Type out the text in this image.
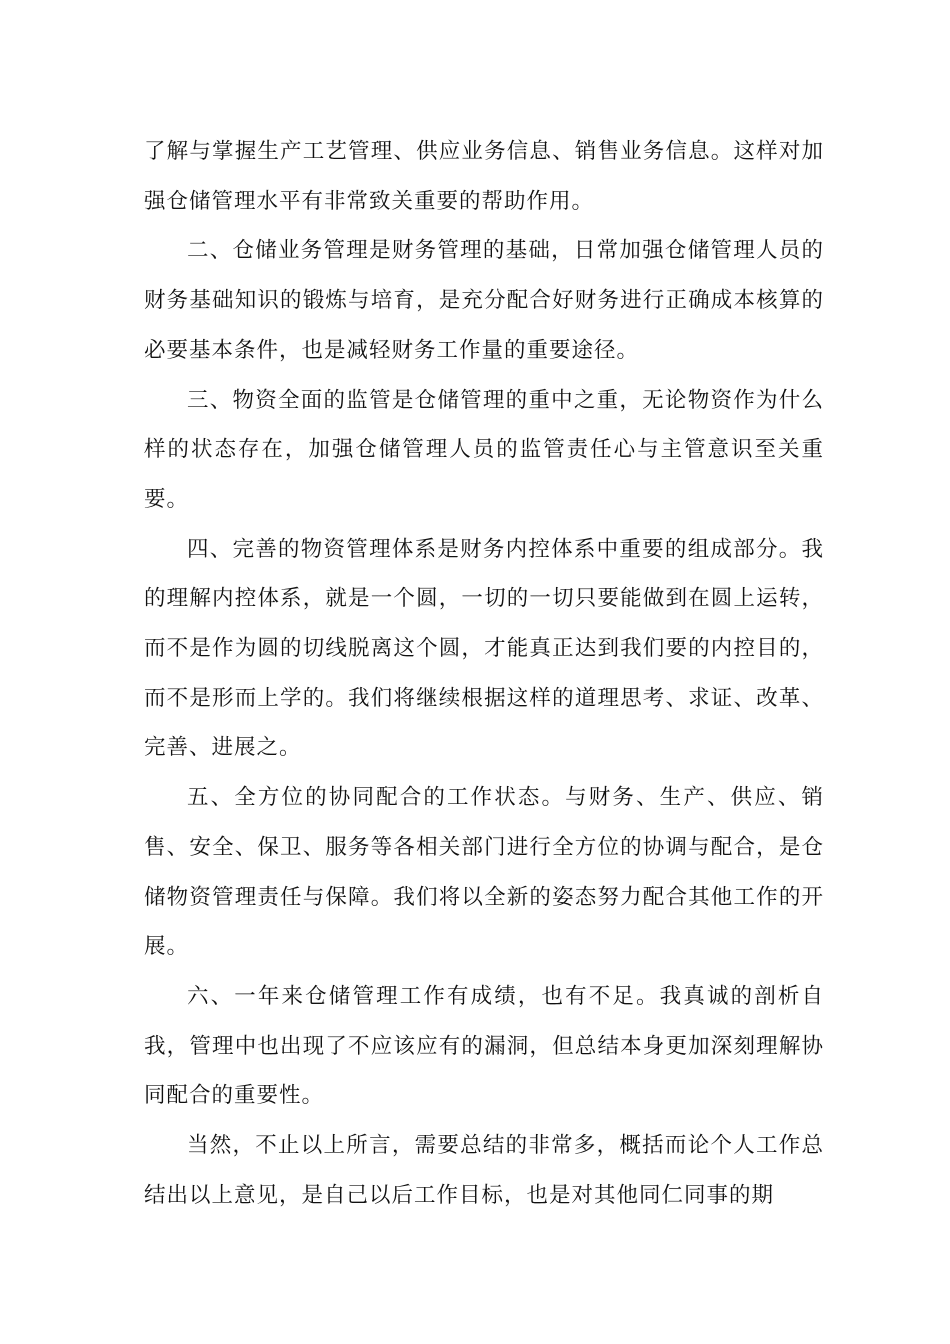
了解与掌握生产工艺管理、供应业务信息、销售业务信息。这样对加强仓储管理水平有非常致关重要的帮助作用。

二、仓储业务管理是财务管理的基础，日常加强仓储管理人员的财务基础知识的锻炼与培育，是充分配合好财务进行正确成本核算的必要基本条件，也是减轻财务工作量的重要途径。

三、物资全面的监管是仓储管理的重中之重，无论物资作为什么样的状态存在，加强仓储管理人员的监管责任心与主管意识至关重要。

四、完善的物资管理体系是财务内控体系中重要的组成部分。我的理解内控体系，就是一个圆，一切的一切只要能做到在圆上运转，而不是作为圆的切线脱离这个圆，才能真正达到我们要的内控目的，而不是形而上学的。我们将继续根据这样的道理思考、求证、改革、完善、进展之。

五、全方位的协同配合的工作状态。与财务、生产、供应、销售、安全、保卫、服务等各相关部门进行全方位的协调与配合，是仓储物资管理责任与保障。我们将以全新的姿态努力配合其他工作的开展。

六、一年来仓储管理工作有成绩，也有不足。我真诚的剖析自我，管理中也出现了不应该应有的漏洞，但总结本身更加深刻理解协同配合的重要性。

当然，不止以上所言，需要总结的非常多，概括而论个人工作总结出以上意见，是自己以后工作目标，也是对其他同仁同事的期
